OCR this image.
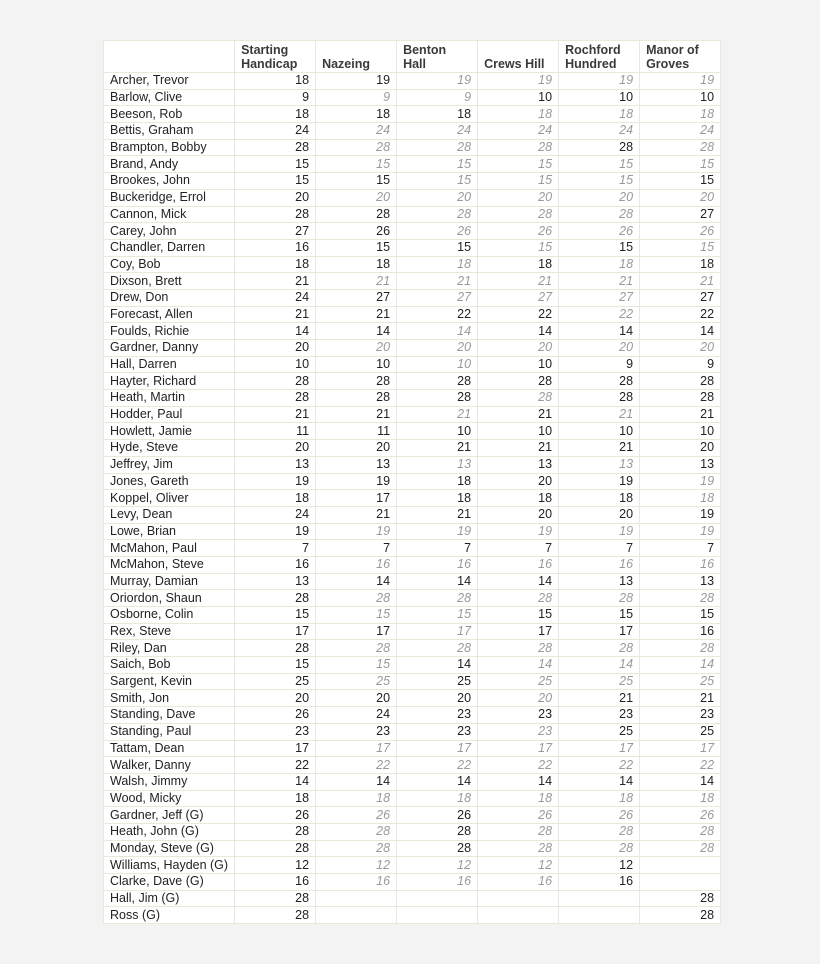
	Starting Handicap	Nazeing	Benton Hall	Crews Hill	Rochford Hundred	Manor of Groves
Archer, Trevor	18	19	19	19	19	19
Barlow, Clive	9	9	9	10	10	10
Beeson, Rob	18	18	18	18	18	18
Bettis, Graham	24	24	24	24	24	24
Brampton, Bobby	28	28	28	28	28	28
Brand, Andy	15	15	15	15	15	15
Brookes, John	15	15	15	15	15	15
Buckeridge, Errol	20	20	20	20	20	20
Cannon, Mick	28	28	28	28	28	27
Carey, John	27	26	26	26	26	26
Chandler, Darren	16	15	15	15	15	15
Coy, Bob	18	18	18	18	18	18
Dixson, Brett	21	21	21	21	21	21
Drew, Don	24	27	27	27	27	27
Forecast, Allen	21	21	22	22	22	22
Foulds, Richie	14	14	14	14	14	14
Gardner, Danny	20	20	20	20	20	20
Hall, Darren	10	10	10	10	9	9
Hayter, Richard	28	28	28	28	28	28
Heath, Martin	28	28	28	28	28	28
Hodder, Paul	21	21	21	21	21	21
Howlett, Jamie	11	11	10	10	10	10
Hyde, Steve	20	20	21	21	21	20
Jeffrey, Jim	13	13	13	13	13	13
Jones, Gareth	19	19	18	20	19	19
Koppel, Oliver	18	17	18	18	18	18
Levy, Dean	24	21	21	20	20	19
Lowe, Brian	19	19	19	19	19	19
McMahon, Paul	7	7	7	7	7	7
McMahon, Steve	16	16	16	16	16	16
Murray, Damian	13	14	14	14	13	13
Oriordon, Shaun	28	28	28	28	28	28
Osborne, Colin	15	15	15	15	15	15
Rex, Steve	17	17	17	17	17	16
Riley, Dan	28	28	28	28	28	28
Saich, Bob	15	15	14	14	14	14
Sargent, Kevin	25	25	25	25	25	25
Smith, Jon	20	20	20	20	21	21
Standing, Dave	26	24	23	23	23	23
Standing, Paul	23	23	23	23	25	25
Tattam, Dean	17	17	17	17	17	17
Walker, Danny	22	22	22	22	22	22
Walsh, Jimmy	14	14	14	14	14	14
Wood, Micky	18	18	18	18	18	18
Gardner, Jeff (G)	26	26	26	26	26	26
Heath, John (G)	28	28	28	28	28	28
Monday, Steve (G)	28	28	28	28	28	28
Williams, Hayden (G)	12	12	12	12	12	
Clarke, Dave (G)	16	16	16	16	16	
Hall, Jim (G)	28					28
Ross (G)	28					28
